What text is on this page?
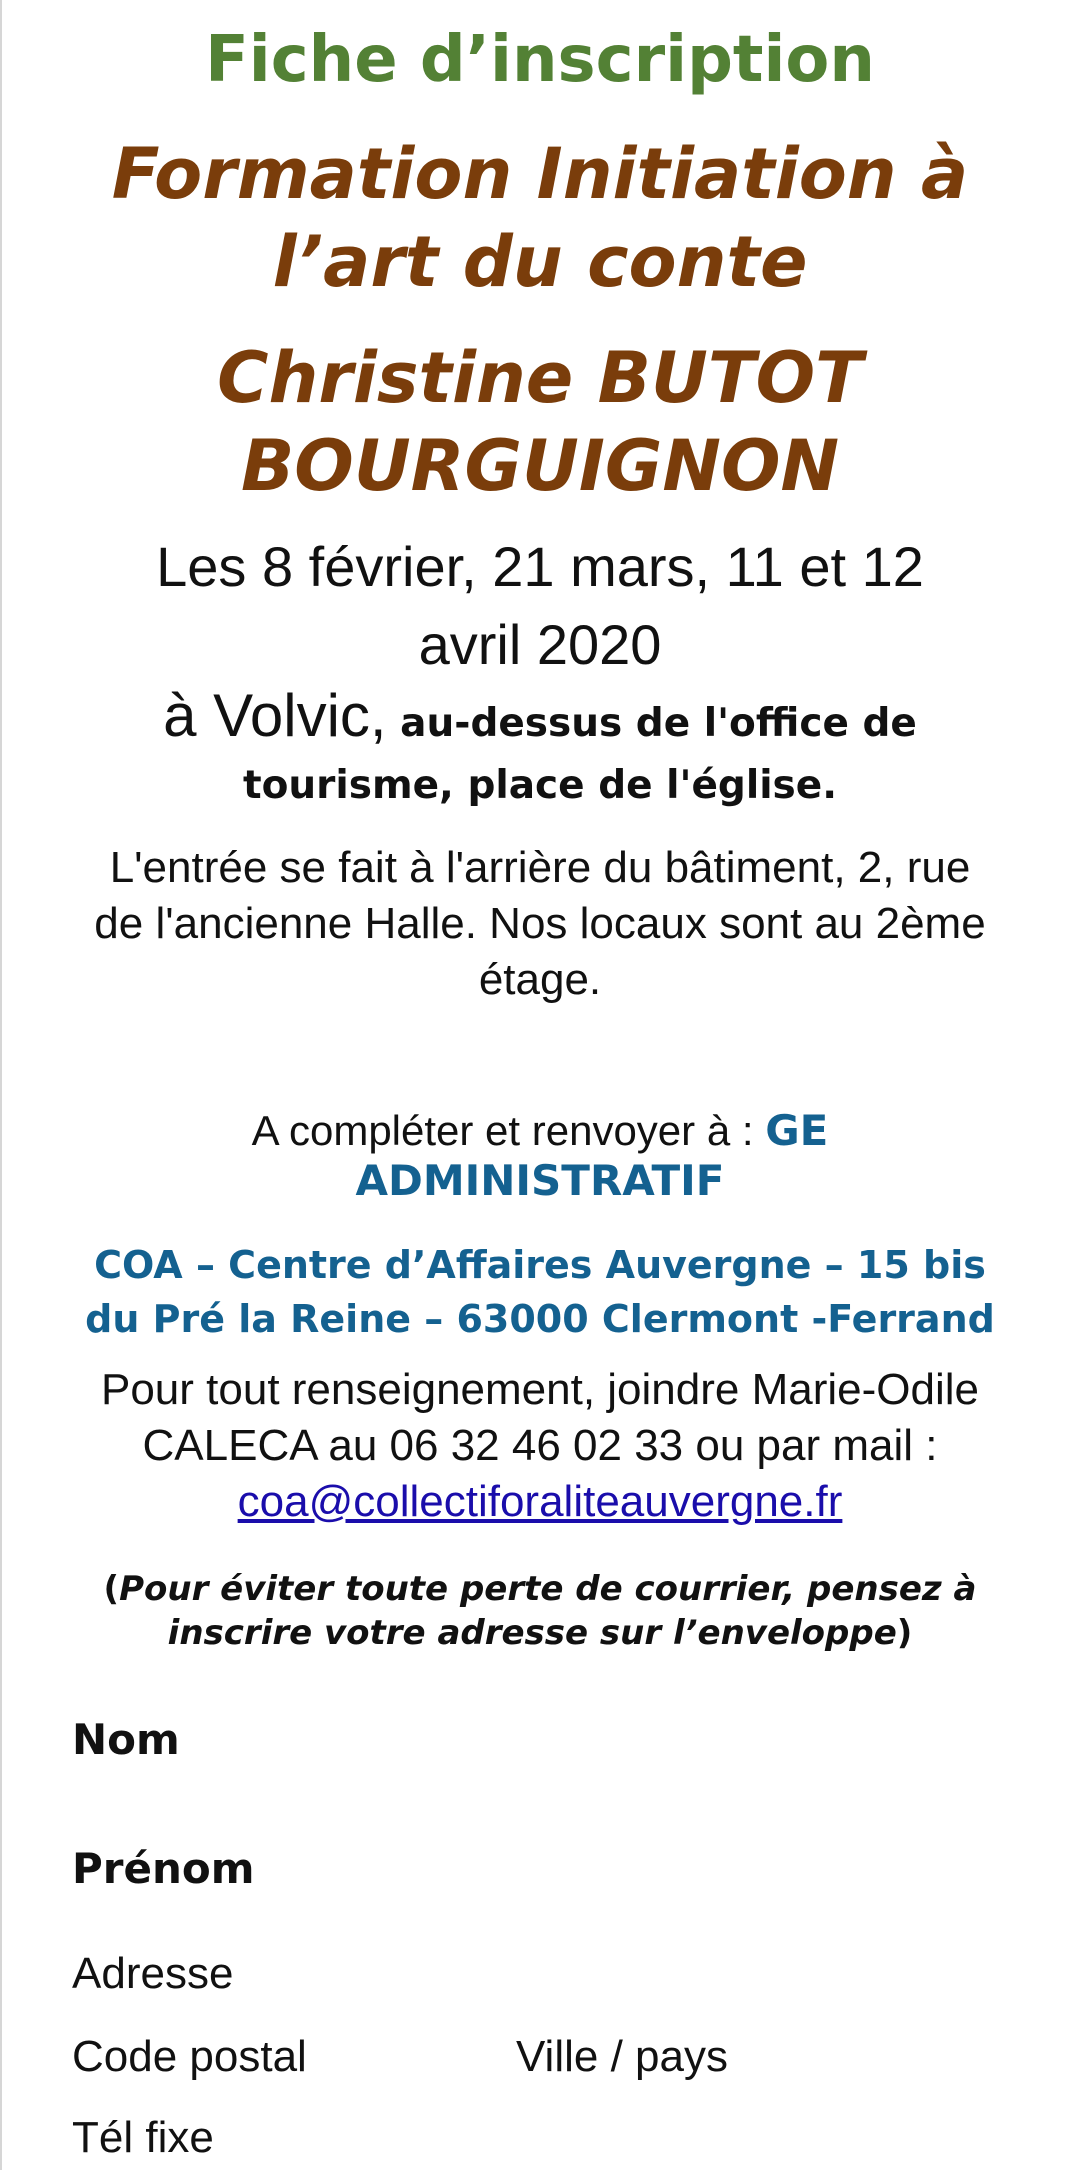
Fiche d’inscription
Formation Initiation à
l’art du conte
Christine BUTOT
BOURGUIGNON

Les 8 février, 21 mars, 11 et 12
avril 2020

à Volvic, au-dessus de l'office de
tourisme, place de l'église.

L'entrée se fait à l'arrière du bâtiment, 2, rue
de l'ancienne Halle. Nos locaux sont au 2ème
étage.

A compléter et renvoyer à : GE
ADMINISTRATIF

COA – Centre d’Affaires Auvergne – 15 bis
du Pré la Reine – 63000 Clermont -Ferrand

Pour tout renseignement, joindre Marie-Odile
CALECA au 06 32 46 02 33 ou par mail :
coa@collectiforaliteauvergne.fr

(Pour éviter toute perte de courrier, pensez à
inscrire votre adresse sur l’enveloppe)

Nom

Prénom

Adresse

Code postal	Ville / pays

Tél fixe
